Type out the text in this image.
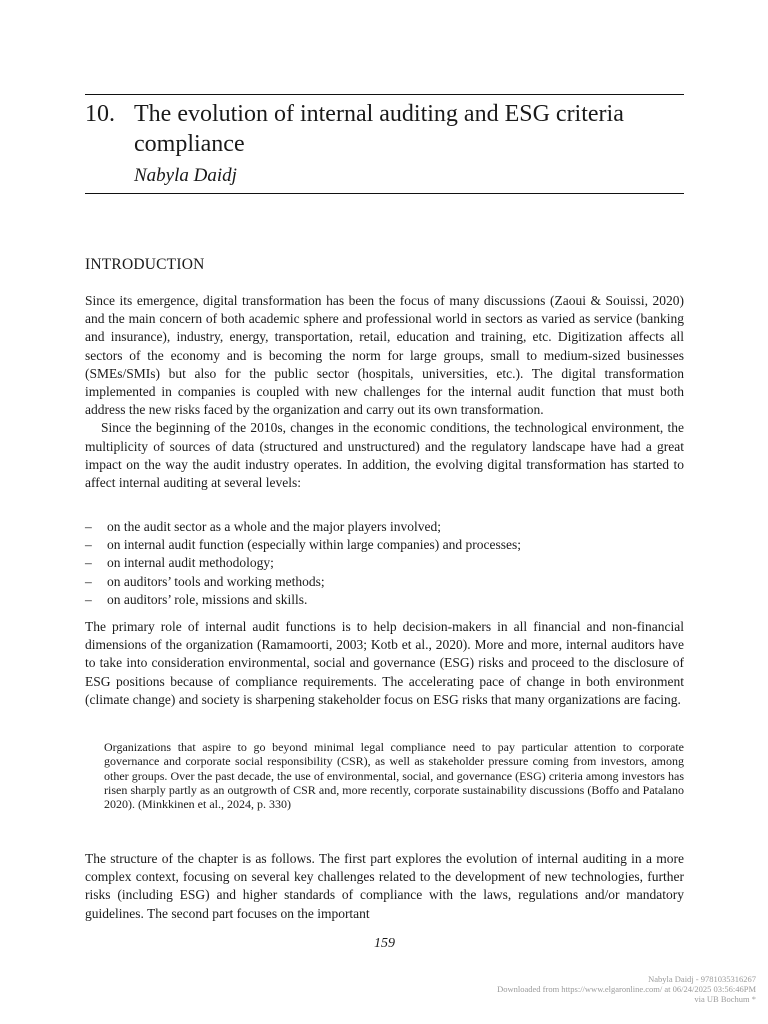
10. The evolution of internal auditing and ESG criteria compliance
Nabyla Daidj
INTRODUCTION

Since its emergence, digital transformation has been the focus of many discussions (Zaoui & Souissi, 2020) and the main concern of both academic sphere and professional world in sectors as varied as service (banking and insurance), industry, energy, transportation, retail, education and training, etc. Digitization affects all sectors of the economy and is becoming the norm for large groups, small to medium-sized businesses (SMEs/SMIs) but also for the public sector (hospitals, universities, etc.). The digital transformation implemented in companies is coupled with new challenges for the internal audit function that must both address the new risks faced by the organization and carry out its own transformation.

Since the beginning of the 2010s, changes in the economic conditions, the technological environment, the multiplicity of sources of data (structured and unstructured) and the regulatory landscape have had a great impact on the way the audit industry operates. In addition, the evolving digital transformation has started to affect internal auditing at several levels:

–	on the audit sector as a whole and the major players involved;
–	on internal audit function (especially within large companies) and processes;
–	on internal audit methodology;
–	on auditors’ tools and working methods;
–	on auditors’ role, missions and skills.

The primary role of internal audit functions is to help decision-makers in all financial and non-financial dimensions of the organization (Ramamoorti, 2003; Kotb et al., 2020). More and more, internal auditors have to take into consideration environmental, social and governance (ESG) risks and proceed to the disclosure of ESG positions because of compliance requirements. The accelerating pace of change in both environment (climate change) and society is sharpening stakeholder focus on ESG risks that many organizations are facing.

Organizations that aspire to go beyond minimal legal compliance need to pay particular attention to corporate governance and corporate social responsibility (CSR), as well as stakeholder pressure coming from investors, among other groups. Over the past decade, the use of environmental, social, and governance (ESG) criteria among investors has risen sharply partly as an outgrowth of CSR and, more recently, corporate sustainability discussions (Boffo and Patalano 2020). (Minkkinen et al., 2024, p. 330)

The structure of the chapter is as follows. The first part explores the evolution of internal auditing in a more complex context, focusing on several key challenges related to the development of new technologies, further risks (including ESG) and higher standards of compliance with the laws, regulations and/or mandatory guidelines. The second part focuses on the important

159
Nabyla Daidj - 9781035316267
Downloaded from https://www.elgaronline.com/ at 06/24/2025 03:56:46PM
via UB Bochum *
